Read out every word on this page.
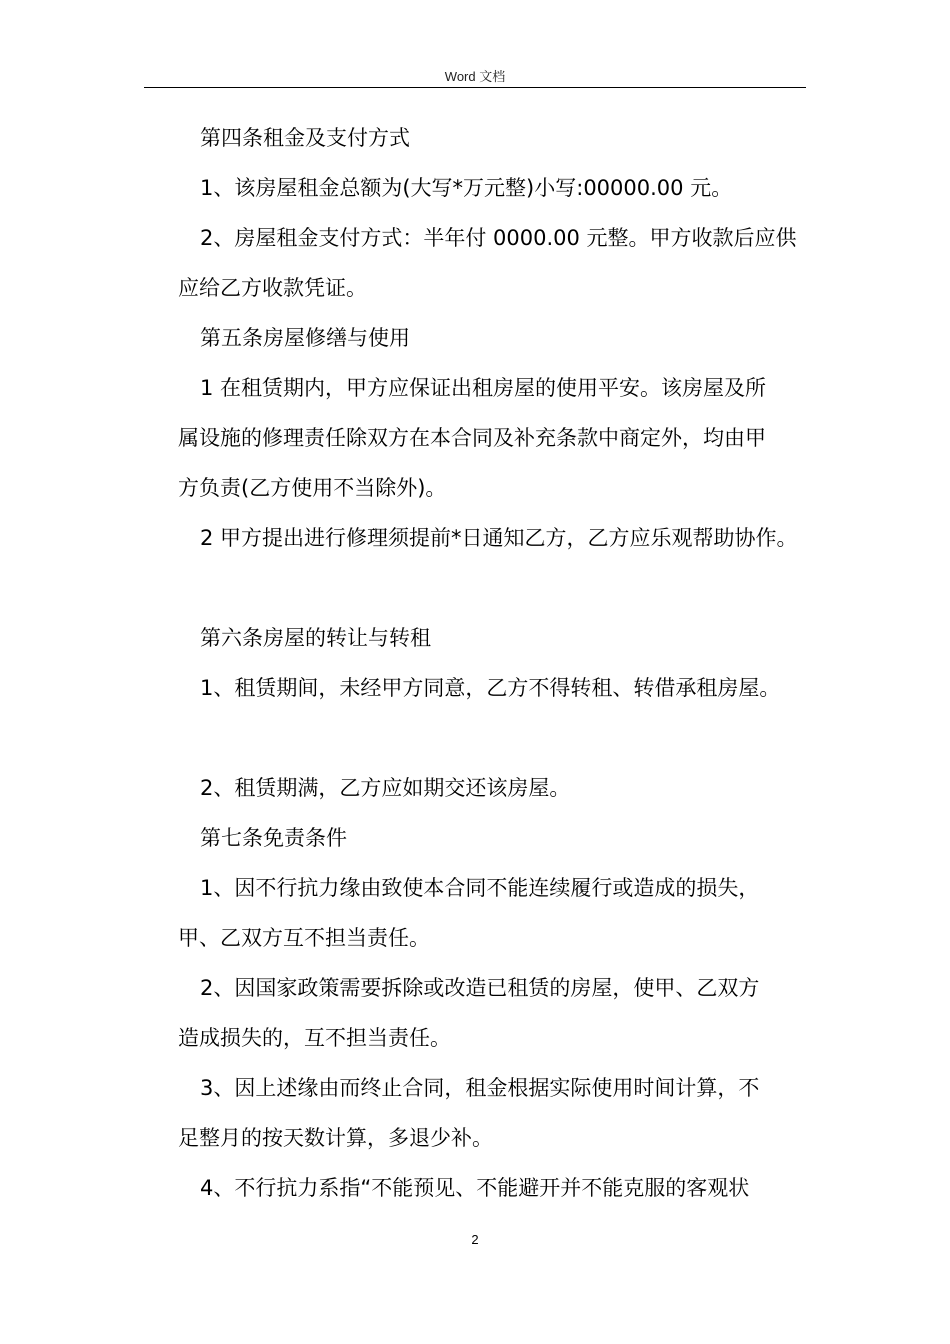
Word 文档
第四条租金及支付方式
1、该房屋租金总额为(大写*万元整)小写:00000.00 元。
2、房屋租金支付方式：半年付 0000.00 元整。甲方收款后应供
应给乙方收款凭证。
第五条房屋修缮与使用
1 在租赁期内，甲方应保证出租房屋的使用平安。该房屋及所
属设施的修理责任除双方在本合同及补充条款中商定外，均由甲
方负责(乙方使用不当除外)。
2 甲方提出进行修理须提前*日通知乙方，乙方应乐观帮助协作。
第六条房屋的转让与转租
1、租赁期间，未经甲方同意，乙方不得转租、转借承租房屋。
2、租赁期满，乙方应如期交还该房屋。
第七条免责条件
1、因不行抗力缘由致使本合同不能连续履行或造成的损失，
甲、乙双方互不担当责任。
2、因国家政策需要拆除或改造已租赁的房屋，使甲、乙双方
造成损失的，互不担当责任。
3、因上述缘由而终止合同，租金根据实际使用时间计算，不
足整月的按天数计算，多退少补。
4、不行抗力系指“不能预见、不能避开并不能克服的客观状
2
